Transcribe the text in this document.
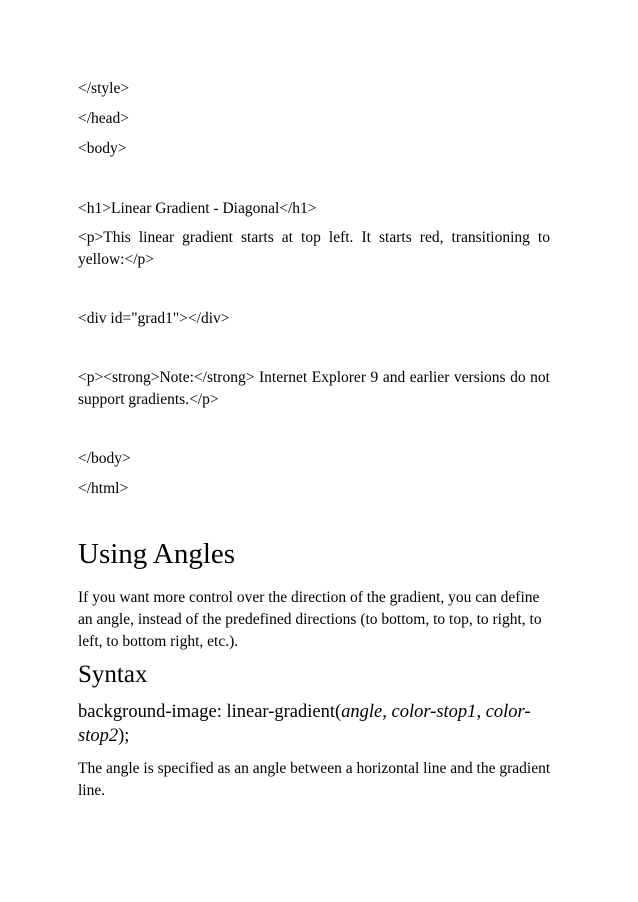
</style>
</head>
<body>
<h1>Linear Gradient - Diagonal</h1>
<p>This linear gradient starts at top left. It starts red, transitioning to yellow:</p>
<div id="grad1"></div>
<p><strong>Note:</strong> Internet Explorer 9 and earlier versions do not support gradients.</p>
</body>
</html>
Using Angles
If you want more control over the direction of the gradient, you can define an angle, instead of the predefined directions (to bottom, to top, to right, to left, to bottom right, etc.).
Syntax
background-image: linear-gradient(angle, color-stop1, color-stop2);
The angle is specified as an angle between a horizontal line and the gradient line.
